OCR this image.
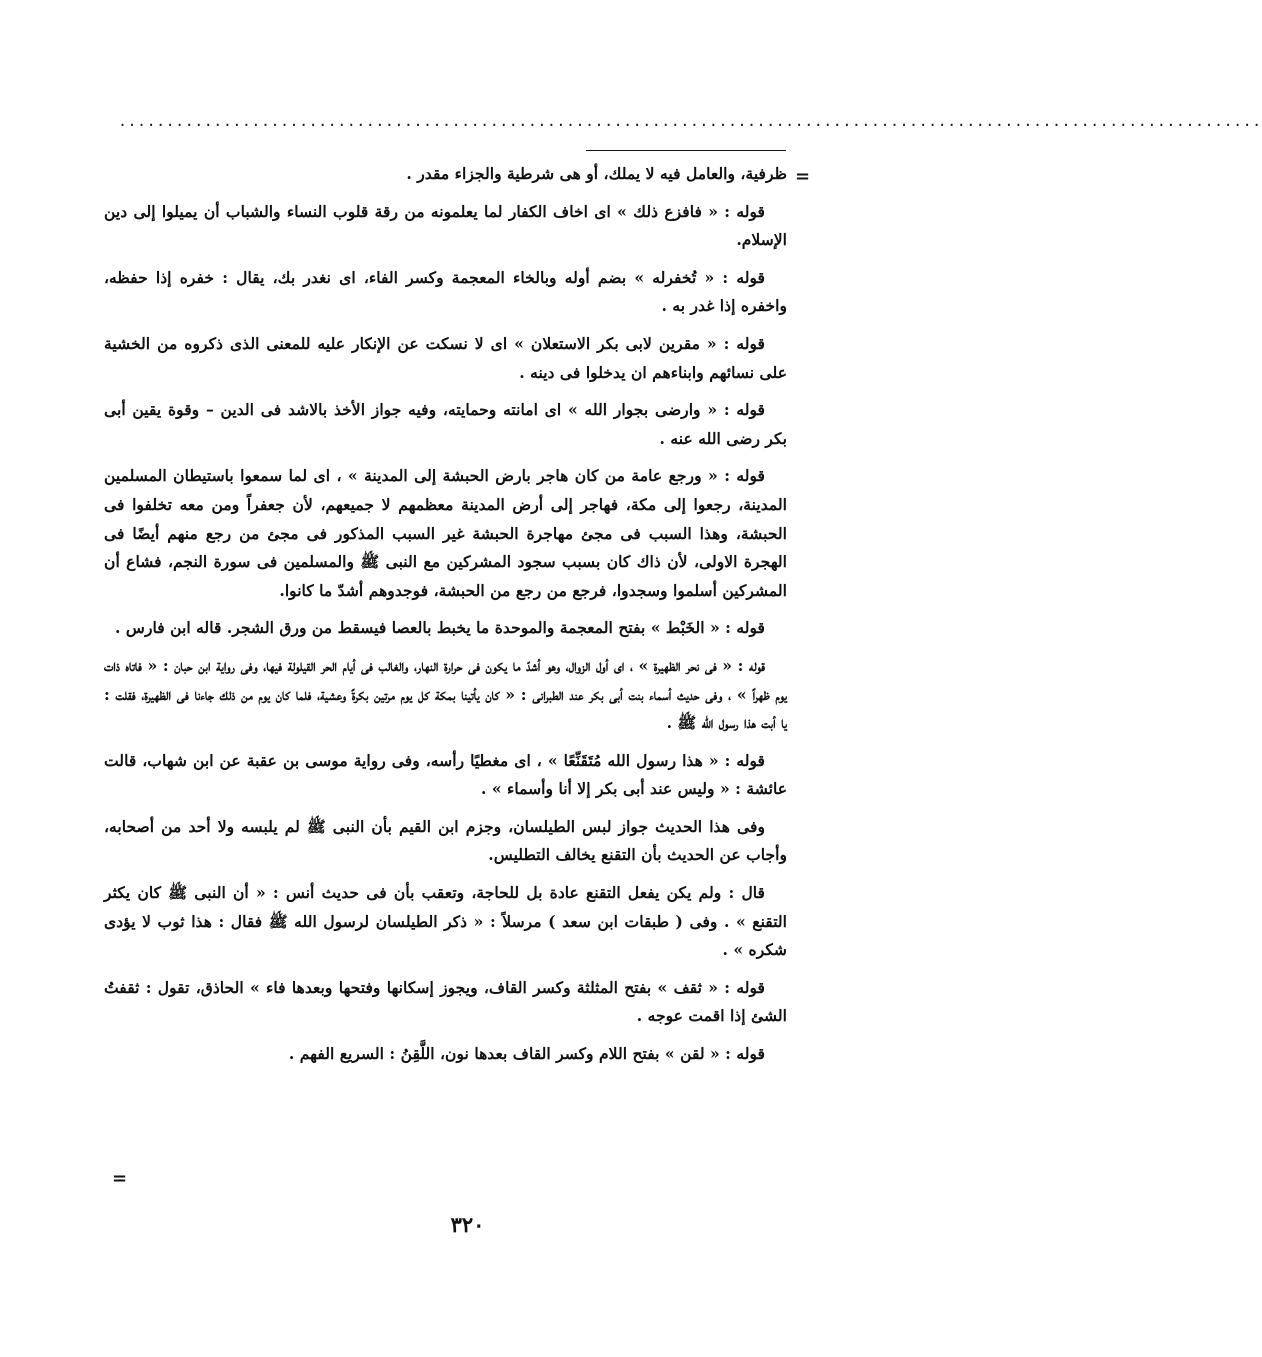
........................................................................................................................
=

ظرفية، والعامل فيه لا يملك، أو هى شرطية والجزاء مقدر .

قوله : « فافزع ذلك » اى اخاف الكفار لما يعلمونه من رقة قلوب النساء والشباب أن يميلوا إلى دين الإسلام.

قوله : « تُخفرله » بضم أوله وبالخاء المعجمة وكسر الفاء، اى نغدر بك، يقال : خفره إذا حفظه، واخفره إذا غدر به .

قوله : « مقرين لابى بكر الاستعلان » اى لا نسكت عن الإنكار عليه للمعنى الذى ذكروه من الخشية على نسائهم وابناءهم ان يدخلوا فى دينه .

قوله : « وارضى بجوار الله » اى امانته وحمايته، وفيه جواز الأخذ بالاشد فى الدين – وقوة يقين أبى بكر رضى الله عنه .

قوله : « ورجع عامة من كان هاجر بارض الحبشة إلى المدينة » ، اى لما سمعوا باستيطان المسلمين المدينة، رجعوا إلى مكة، فهاجر إلى أرض المدينة معظمهم لا جميعهم، لأن جعفراً ومن معه تخلفوا فى الحبشة، وهذا السبب فى مجئ مهاجرة الحبشة غير السبب المذكور فى مجئ من رجع منهم أيضًا فى الهجرة الاولى، لأن ذاك كان بسبب سجود المشركين مع النبى ﷺ والمسلمين فى سورة النجم، فشاع أن المشركين أسلموا وسجدوا، فرجع من رجع من الحبشة، فوجدوهم أشدّ ما كانوا.

قوله : « الخَبْط » بفتح المعجمة والموحدة ما يخبط بالعصا فيسقط من ورق الشجر. قاله ابن فارس .

قوله : « فى نحر الظهيرة » ، اى أول الزوال، وهو أشدّ ما يكون فى حرارة النهار، والغالب فى أيام الحر القيلولة فيها، وفى رواية ابن حبان : « فاتاه ذات يوم ظهراً » ، وفى حديث أسماء بنت أبى بكر عند الطبرانى : « كان يأتينا بمكة كل يوم مرتين بكرةً وعشية، فلما كان يوم من ذلك جاءنا فى الظهيرة، فقلت : يا أبت هذا رسول الله ﷺ .

قوله : « هذا رسول الله مُتَقَنِّعًا » ، اى مغطيًا رأسه، وفى رواية موسى بن عقبة عن ابن شهاب، قالت عائشة : « وليس عند أبى بكر إلا أنا وأسماء » .

وفى هذا الحديث جواز لبس الطيلسان، وجزم ابن القيم بأن النبى ﷺ لم يلبسه ولا أحد من أصحابه، وأجاب عن الحديث بأن التقنع يخالف التطليس.

قال : ولم يكن يفعل التقنع عادة بل للحاجة، وتعقب بأن فى حديث أنس : « أن النبى ﷺ كان يكثر التقنع » . وفى ( طبقات ابن سعد ) مرسلاً : « ذكر الطيلسان لرسول الله ﷺ فقال : هذا ثوب لا يؤدى شكره » .

قوله : « ثقف » بفتح المثلثة وكسر القاف، ويجوز إسكانها وفتحها وبعدها فاء » الحاذق، تقول : ثقفتُ الشئ إذا اقمت عوجه .

قوله : « لقن » بفتح اللام وكسر القاف بعدها نون، اللَّقِنُ : السريع الفهم .

=
٣٢٠
